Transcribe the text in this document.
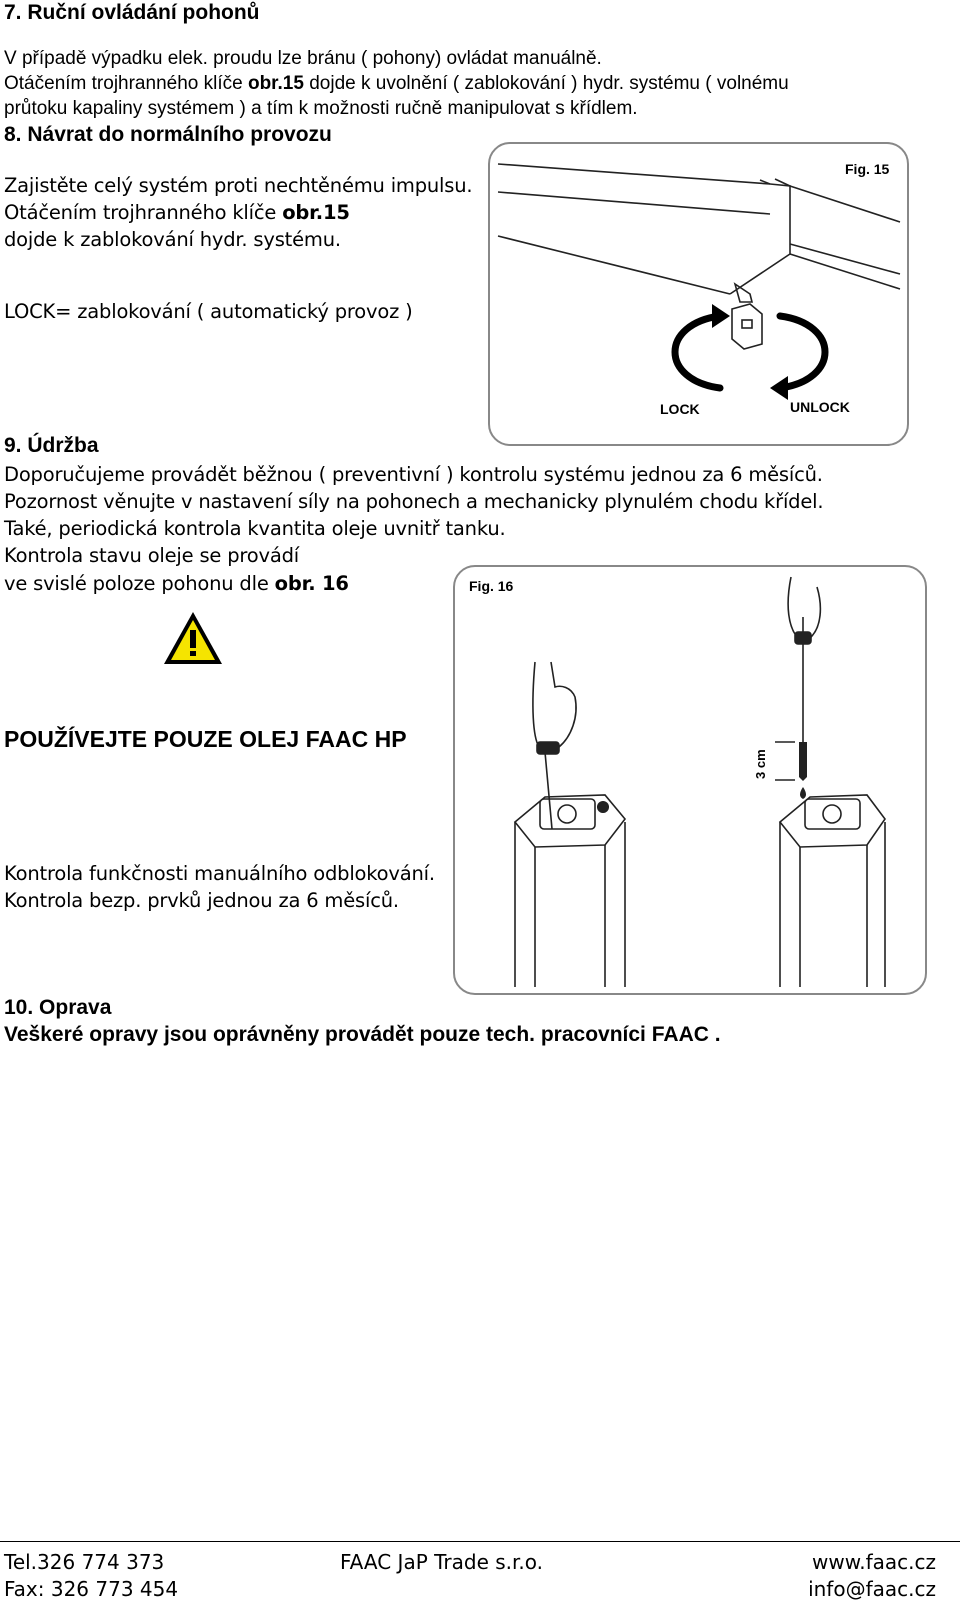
7. Ruční ovládání pohonů
V případě výpadku elek. proudu lze bránu ( pohony) ovládat manuálně.
Otáčením trojhranného klíče obr.15 dojde k uvolnění ( zablokování ) hydr. systému ( volnému
průtoku kapaliny systémem ) a tím k možnosti ručně manipulovat s křídlem.
8. Návrat do normálního provozu
Zajistěte celý systém proti nechtěnému impulsu.
Otáčením trojhranného klíče obr.15
dojde k zablokování hydr. systému.
LOCK= zablokování ( automatický provoz )
Fig. 15
LOCK	UNLOCK
9. Údržba
Doporučujeme provádět běžnou ( preventivní ) kontrolu systému jednou za 6 měsíců.
Pozornost věnujte v nastavení síly na pohonech a mechanicky plynulém chodu křídel.
Také, periodická kontrola kvantita oleje uvnitř tanku.
Kontrola stavu oleje se provádí
ve svislé poloze pohonu dle obr. 16
POUŽÍVEJTE POUZE OLEJ FAAC HP
Kontrola funkčnosti manuálního odblokování.
Kontrola bezp. prvků jednou za 6 měsíců.
Fig. 16
3 cm
10. Oprava
Veškeré opravy jsou oprávněny provádět pouze tech. pracovníci FAAC .
Tel.326 774 373
Fax: 326 773 454
FAAC JaP Trade s.r.o.	www.faac.cz
info@faac.cz
